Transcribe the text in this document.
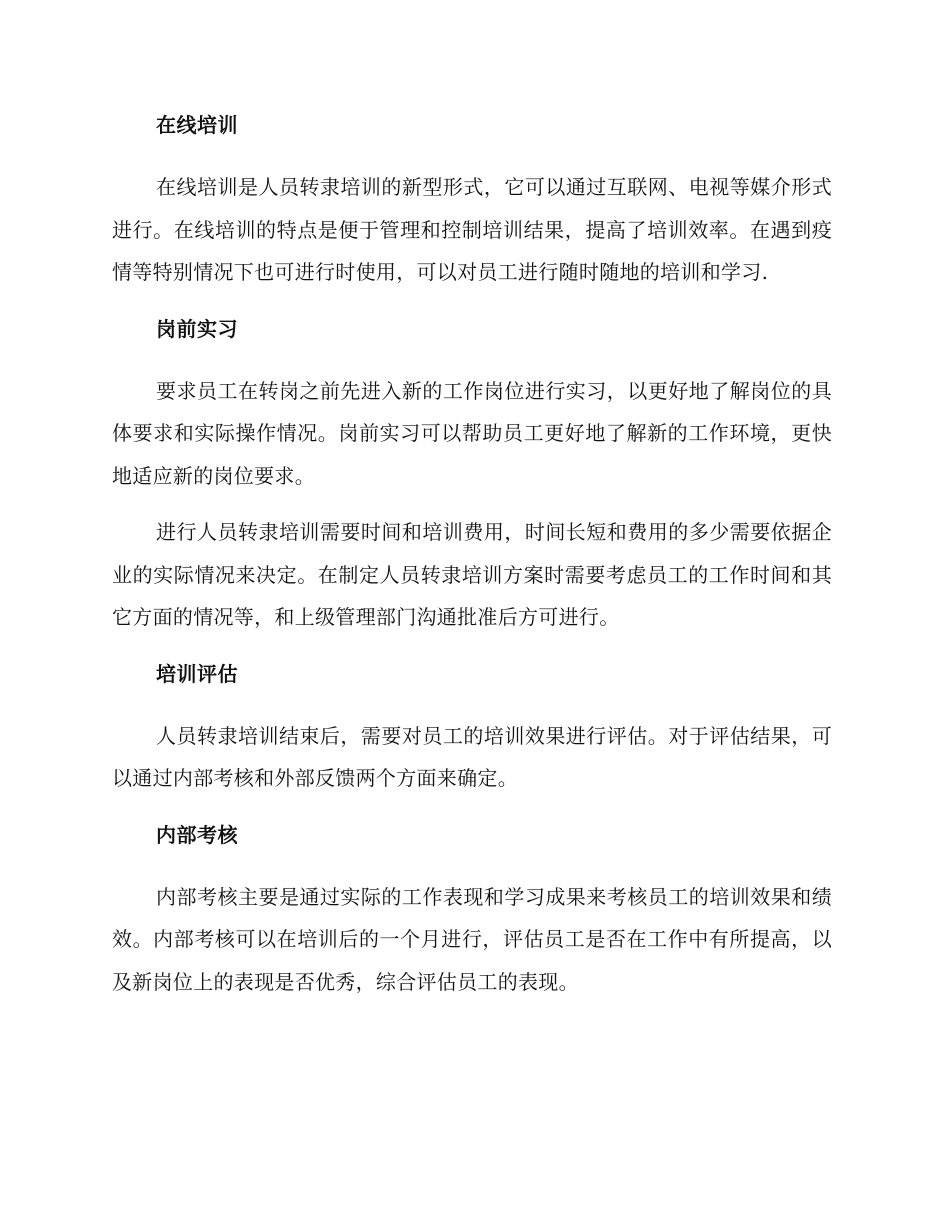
在线培训

在线培训是人员转隶培训的新型形式，它可以通过互联网、电视等媒介形式进行。在线培训的特点是便于管理和控制培训结果，提高了培训效率。在遇到疫情等特别情况下也可进行时使用，可以对员工进行随时随地的培训和学习.

岗前实习

要求员工在转岗之前先进入新的工作岗位进行实习，以更好地了解岗位的具体要求和实际操作情况。岗前实习可以帮助员工更好地了解新的工作环境，更快地适应新的岗位要求。

进行人员转隶培训需要时间和培训费用，时间长短和费用的多少需要依据企业的实际情况来决定。在制定人员转隶培训方案时需要考虑员工的工作时间和其它方面的情况等，和上级管理部门沟通批准后方可进行。

培训评估

人员转隶培训结束后，需要对员工的培训效果进行评估。对于评估结果，可以通过内部考核和外部反馈两个方面来确定。

内部考核

内部考核主要是通过实际的工作表现和学习成果来考核员工的培训效果和绩效。内部考核可以在培训后的一个月进行，评估员工是否在工作中有所提高，以及新岗位上的表现是否优秀，综合评估员工的表现。
